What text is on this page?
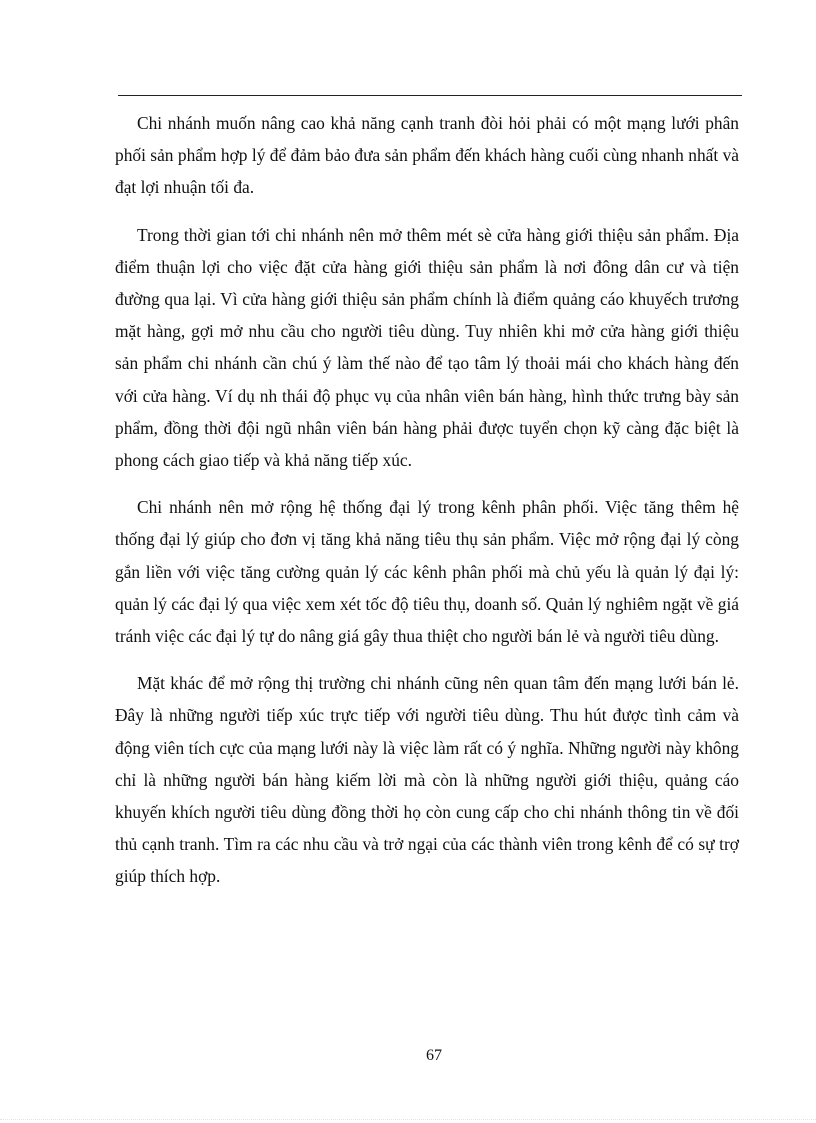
Chi nhánh muốn nâng cao khả năng cạnh tranh đòi hỏi phải có một mạng lưới phân phối sản phẩm hợp lý để đảm bảo đưa sản phẩm đến khách hàng cuối cùng nhanh nhất và đạt lợi nhuận tối đa.

Trong thời gian tới chi nhánh nên mở thêm mét sè cửa hàng giới thiệu sản phẩm. Địa điểm thuận lợi cho việc đặt cửa hàng giới thiệu sản phẩm là nơi đông dân cư và tiện đường qua lại. Vì cửa hàng giới thiệu sản phẩm chính là điểm quảng cáo khuyếch trương mặt hàng, gợi mở nhu cầu cho người tiêu dùng. Tuy nhiên khi mở cửa hàng giới thiệu sản phẩm chi nhánh cần chú ý làm thế nào để tạo tâm lý thoải mái cho khách hàng đến với cửa hàng. Ví dụ nh thái độ phục vụ của nhân viên bán hàng, hình thức trưng bày sản phẩm, đồng thời đội ngũ nhân viên bán hàng phải được tuyển chọn kỹ càng đặc biệt là phong cách giao tiếp và khả năng tiếp xúc.

Chi nhánh nên mở rộng hệ thống đại lý trong kênh phân phối. Việc tăng thêm hệ thống đại lý giúp cho đơn vị tăng khả năng tiêu thụ sản phẩm. Việc mở rộng đại lý còng gắn liền với việc tăng cường quản lý các kênh phân phối mà chủ yếu là quản lý đại lý: quản lý các đại lý qua việc xem xét tốc độ tiêu thụ, doanh số. Quản lý nghiêm ngặt về giá tránh việc các đại lý tự do nâng giá gây thua thiệt cho người bán lẻ và người tiêu dùng.

Mặt khác để mở rộng thị trường chi nhánh cũng nên quan tâm đến mạng lưới bán lẻ. Đây là những người tiếp xúc trực tiếp với người tiêu dùng. Thu hút được tình cảm và động viên tích cực của mạng lưới này là việc làm rất có ý nghĩa. Những người này không chỉ là những người bán hàng kiếm lời mà còn là những người giới thiệu, quảng cáo khuyến khích người tiêu dùng đồng thời họ còn cung cấp cho chi nhánh thông tin về đối thủ cạnh tranh. Tìm ra các nhu cầu và trở ngại của các thành viên trong kênh để có sự trợ giúp thích hợp.

67
